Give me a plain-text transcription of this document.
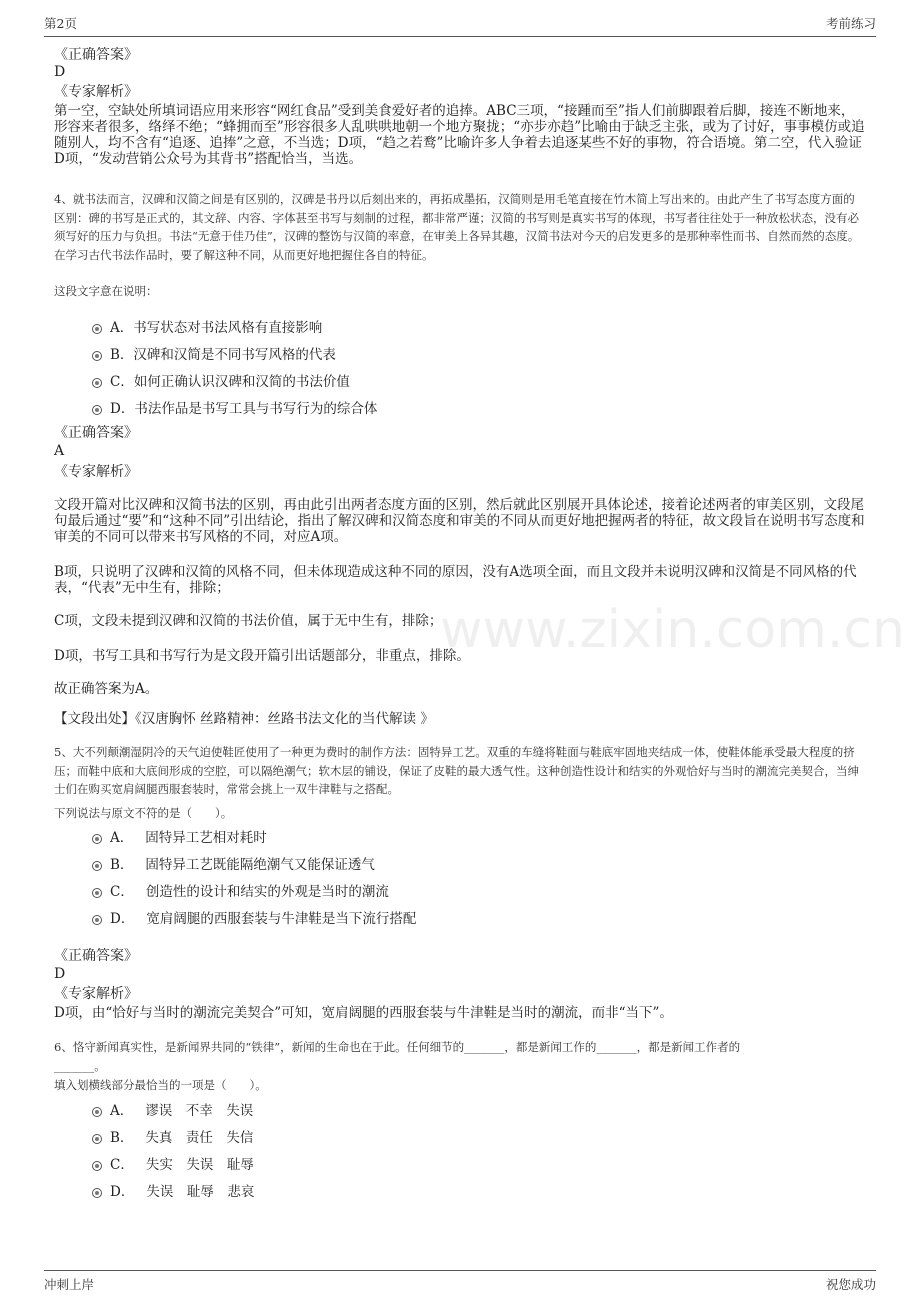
第2页	考前练习
www.zixin.com.cn
《正确答案》
D
《专家解析》
第一空，空缺处所填词语应用来形容“网红食品”受到美食爱好者的追捧。ABC三项，“接踵而至”指人们前脚跟着后脚，接连不断地来，形容来者很多，络绎不绝；“蜂拥而至”形容很多人乱哄哄地朝一个地方聚拢；“亦步亦趋”比喻由于缺乏主张，或为了讨好，事事模仿或追随别人，均不含有“追逐、追捧”之意，不当选；D项，“趋之若鹜”比喻许多人争着去追逐某些不好的事物，符合语境。第二空，代入验证D项，“发动营销公众号为其背书”搭配恰当，当选。
4、就书法而言，汉碑和汉简之间是有区别的，汉碑是书丹以后刻出来的，再拓成墨拓，汉简则是用毛笔直接在竹木简上写出来的。由此产生了书写态度方面的区别：碑的书写是正式的，其文辞、内容、字体甚至书写与刻制的过程，都非常严谨；汉简的书写则是真实书写的体现，书写者往往处于一种放松状态，没有必须写好的压力与负担。书法“无意于佳乃佳”，汉碑的整饬与汉简的率意，在审美上各异其趣，汉简书法对今天的启发更多的是那种率性而书、自然而然的态度。在学习古代书法作品时，要了解这种不同，从而更好地把握住各自的特征。
这段文字意在说明：
A． 书写状态对书法风格有直接影响
B． 汉碑和汉简是不同书写风格的代表
C． 如何正确认识汉碑和汉简的书法价值
D． 书法作品是书写工具与书写行为的综合体
《正确答案》
A
《专家解析》
文段开篇对比汉碑和汉简书法的区别，再由此引出两者态度方面的区别，然后就此区别展开具体论述，接着论述两者的审美区别，文段尾句最后通过“要”和“这种不同”引出结论，指出了解汉碑和汉简态度和审美的不同从而更好地把握两者的特征，故文段旨在说明书写态度和审美的不同可以带来书写风格的不同，对应A项。
B项，只说明了汉碑和汉简的风格不同，但未体现造成这种不同的原因，没有A选项全面，而且文段并未说明汉碑和汉简是不同风格的代表，“代表”无中生有，排除；
C项，文段未提到汉碑和汉简的书法价值，属于无中生有，排除；
D项，书写工具和书写行为是文段开篇引出话题部分，非重点，排除。
故正确答案为A。
【文段出处】《汉唐胸怀 丝路精神：丝路书法文化的当代解读 》
5、大不列颠潮湿阴冷的天气迫使鞋匠使用了一种更为费时的制作方法：固特异工艺。双重的车缝将鞋面与鞋底牢固地夹结成一体，使鞋体能承受最大程度的挤压；而鞋中底和大底间形成的空腔，可以隔绝潮气；软木层的铺设，保证了皮鞋的最大透气性。这种创造性设计和结实的外观恰好与当时的潮流完美契合，当绅士们在购买宽肩阔腿西服套装时，常常会挑上一双牛津鞋与之搭配。
下列说法与原文不符的是（　　）。
A． 固特异工艺相对耗时
B． 固特异工艺既能隔绝潮气又能保证透气
C． 创造性的设计和结实的外观是当时的潮流
D． 宽肩阔腿的西服套装与牛津鞋是当下流行搭配
《正确答案》
D
《专家解析》
D项，由“恰好与当时的潮流完美契合”可知，宽肩阔腿的西服套装与牛津鞋是当时的潮流，而非“当下”。
6、恪守新闻真实性，是新闻界共同的“铁律”，新闻的生命也在于此。任何细节的_______，都是新闻工作的_______，都是新闻工作者的
_______。
填入划横线部分最恰当的一项是（　　）。
A． 谬误　不幸　失误
B． 失真　责任　失信
C． 失实　失误　耻辱
D． 失误　耻辱　悲哀
冲刺上岸	祝您成功
